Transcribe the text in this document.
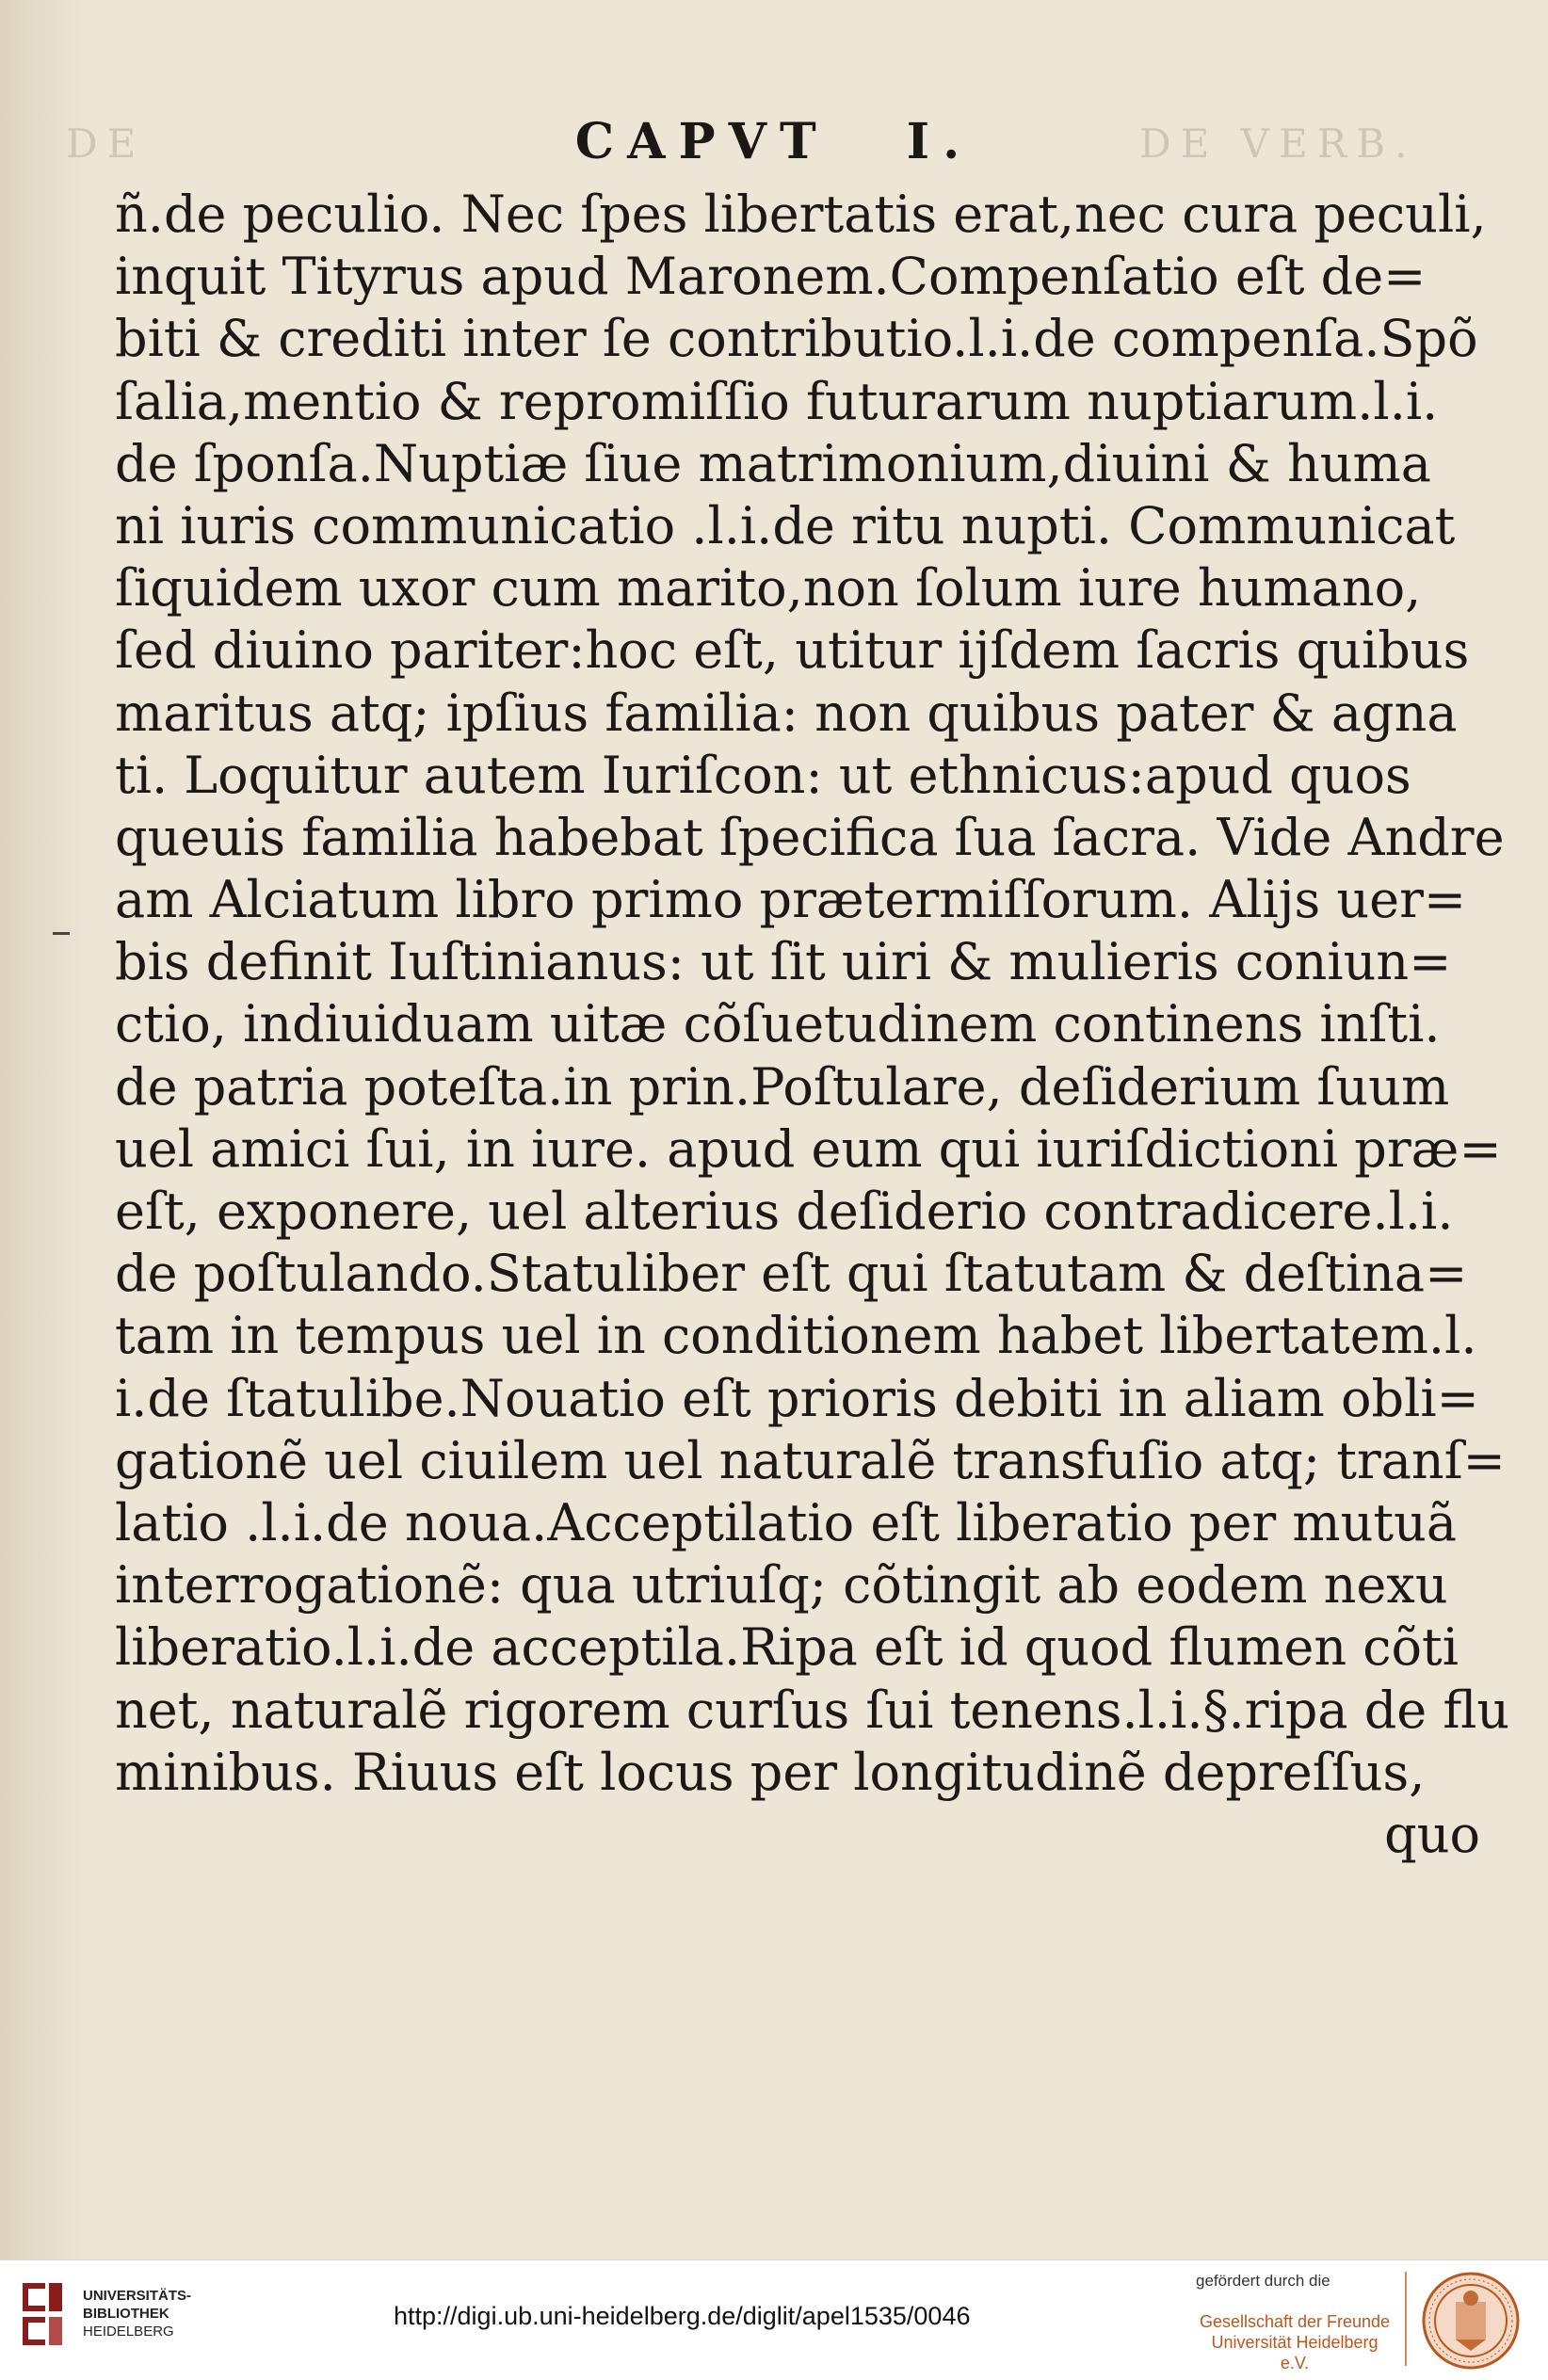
DE	DE VERB.
CAPVT I.
ñ.de peculio. Nec ſpes libertatis erat,nec cura peculi,
inquit Tityrus apud Maronem.Compenſatio eſt de=
biti & crediti inter ſe contributio.l.i.de compenſa.Spõ
ſalia,mentio & repromiſſio futurarum nuptiarum.l.i.
de ſponſa.Nuptiæ ſiue matrimonium,diuini & huma
ni iuris communicatio .l.i.de ritu nupti. Communicat
ſiquidem uxor cum marito,non ſolum iure humano,
ſed diuino pariter:hoc eſt, utitur ijſdem ſacris quibus
maritus atq; ipſius familia: non quibus pater & agna
ti. Loquitur autem Iuriſcon: ut ethnicus:apud quos
queuis familia habebat ſpecifica ſua ſacra. Vide Andre
am Alciatum libro primo prætermiſſorum. Alijs uer=
bis definit Iuſtinianus: ut ſit uiri & mulieris coniun=
ctio, indiuiduam uitæ cõſuetudinem continens inſti.
de patria poteſta.in prin.Poſtulare, deſiderium ſuum
uel amici ſui, in iure. apud eum qui iuriſdictioni præ=
eſt, exponere, uel alterius deſiderio contradicere.l.i.
de poſtulando.Statuliber eſt qui ſtatutam & deſtina=
tam in tempus uel in conditionem habet libertatem.l.
i.de ſtatulibe.Nouatio eſt prioris debiti in aliam obli=
gationẽ uel ciuilem uel naturalẽ transfuſio atq; tranſ=
latio .l.i.de noua.Acceptilatio eſt liberatio per mutuã
interrogationẽ: qua utriuſq; cõtingit ab eodem nexu
liberatio.l.i.de acceptila.Ripa eſt id quod flumen cõti
net, naturalẽ rigorem curſus ſui tenens.l.i.§.ripa de flu
minibus. Riuus eſt locus per longitudinẽ depreſſus,
quo
UNIVERSITÄTS-
BIBLIOTHEK
HEIDELBERG
http://digi.ub.uni-heidelberg.de/diglit/apel1535/0046
gefördert durch die
Gesellschaft der Freunde
Universität Heidelberg e.V.
